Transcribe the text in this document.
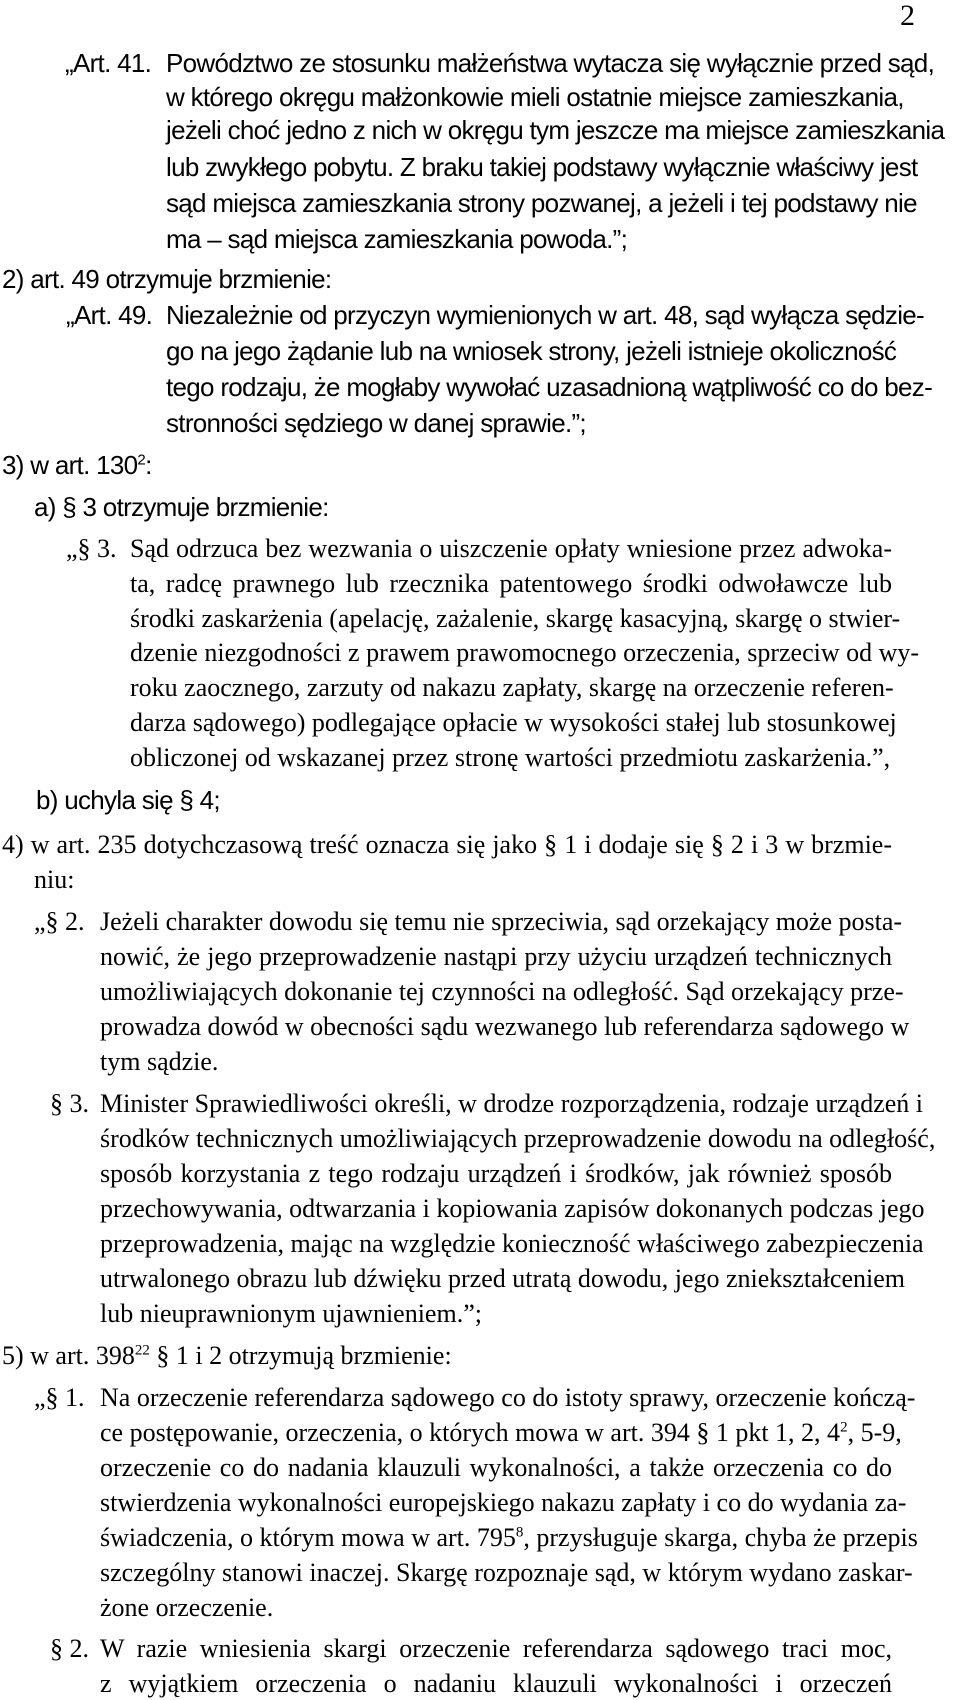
2
„Art. 41. Powództwo ze stosunku małżeństwa wytacza się wyłącznie przed sąd,
w którego okręgu małżonkowie mieli ostatnie miejsce zamieszkania,
jeżeli choć jedno z nich w okręgu tym jeszcze ma miejsce zamieszkania
lub zwykłego pobytu. Z braku takiej podstawy wyłącznie właściwy jest
sąd miejsca zamieszkania strony pozwanej, a jeżeli i tej podstawy nie
ma – sąd miejsca zamieszkania powoda.”;
2) art. 49 otrzymuje brzmienie:
„Art. 49. Niezależnie od przyczyn wymienionych w art. 48, sąd wyłącza sędzie-
go na jego żądanie lub na wniosek strony, jeżeli istnieje okoliczność
tego rodzaju, że mogłaby wywołać uzasadnioną wątpliwość co do bez-
stronności sędziego w danej sprawie.”;
3) w art. $130^2$:
a) § 3 otrzymuje brzmienie:
„§ 3. Sąd odrzuca bez wezwania o uiszczenie opłaty wniesione przez adwoka-
ta, radcę prawnego lub rzecznika patentowego środki odwoławcze lub
środki zaskarżenia (apelację, zażalenie, skargę kasacyjną, skargę o stwier-
dzenie niezgodności z prawem prawomocnego orzeczenia, sprzeciw od wy-
roku zaocznego, zarzuty od nakazu zapłaty, skargę na orzeczenie referen-
darza sądowego) podlegające opłacie w wysokości stałej lub stosunkowej
obliczonej od wskazanej przez stronę wartości przedmiotu zaskarżenia.”,
b) uchyla się § 4;
4) w art. 235 dotychczasową treść oznacza się jako § 1 i dodaje się § 2 i 3 w brzmie-
niu:
„§ 2. Jeżeli charakter dowodu się temu nie sprzeciwia, sąd orzekający może posta-
nowić, że jego przeprowadzenie nastąpi przy użyciu urządzeń technicznych
umożliwiających dokonanie tej czynności na odległość. Sąd orzekający prze-
prowadza dowód w obecności sądu wezwanego lub referendarza sądowego w
tym sądzie.
§ 3. Minister Sprawiedliwości określi, w drodze rozporządzenia, rodzaje urządzeń i
środków technicznych umożliwiających przeprowadzenie dowodu na odległość,
sposób korzystania z tego rodzaju urządzeń i środków, jak również sposób
przechowywania, odtwarzania i kopiowania zapisów dokonanych podczas jego
przeprowadzenia, mając na względzie konieczność właściwego zabezpieczenia
utrwalonego obrazu lub dźwięku przed utratą dowodu, jego zniekształceniem
lub nieuprawnionym ujawnieniem.”;
5) w art. $398^{22}$ § 1 i 2 otrzymują brzmienie:
„§ 1. Na orzeczenie referendarza sądowego co do istoty sprawy, orzeczenie kończą-
ce postępowanie, orzeczenia, o których mowa w art. 394 § 1 pkt 1, 2, $4^2$, 5-9,
orzeczenie co do nadania klauzuli wykonalności, a także orzeczenia co do
stwierdzenia wykonalności europejskiego nakazu zapłaty i co do wydania za-
świadczenia, o którym mowa w art. $795^8$, przysługuje skarga, chyba że przepis
szczególny stanowi inaczej. Skargę rozpoznaje sąd, w którym wydano zaskar-
żone orzeczenie.
§ 2. W razie wniesienia skargi orzeczenie referendarza sądowego traci moc,
z wyjątkiem orzeczenia o nadaniu klauzuli wykonalności i orzeczeń
